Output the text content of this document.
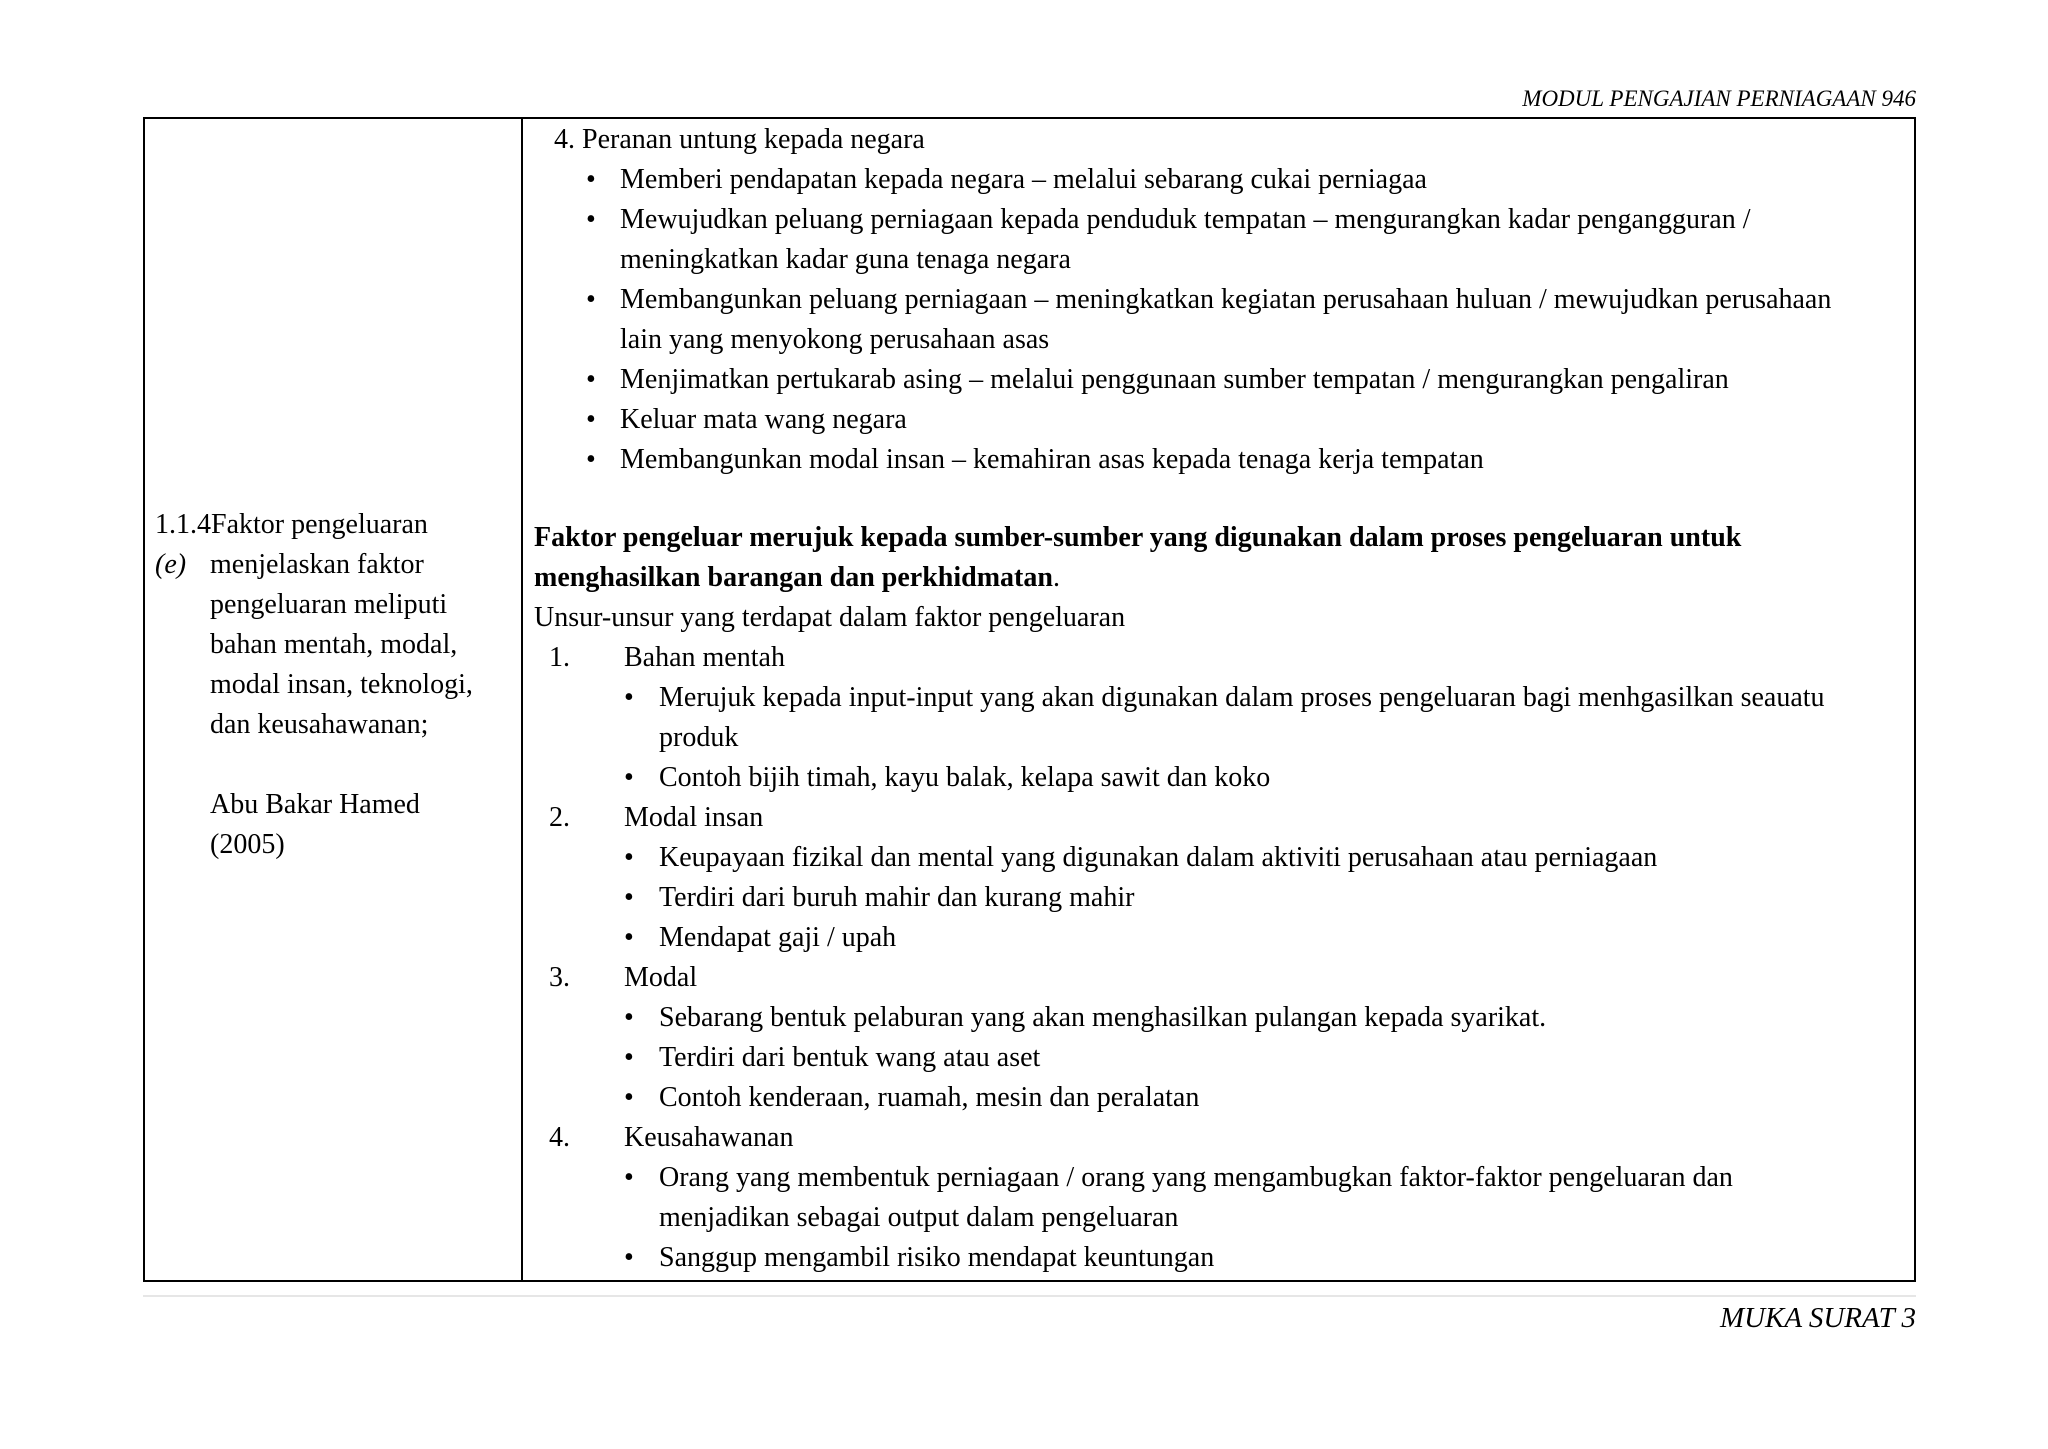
MODUL PENGAJIAN PERNIAGAAN 946
1.1.4Faktor pengeluaran
(e) menjelaskan faktor
pengeluaran meliputi
bahan mentah, modal,
modal insan, teknologi,
dan keusahawanan;
Abu Bakar Hamed
(2005)
4. Peranan untung kepada negara
• Memberi pendapatan kepada negara – melalui sebarang cukai perniagaa
• Mewujudkan peluang perniagaan kepada penduduk tempatan – mengurangkan kadar pengangguran /
meningkatkan kadar guna tenaga negara
• Membangunkan peluang perniagaan – meningkatkan kegiatan perusahaan huluan / mewujudkan perusahaan
lain yang menyokong perusahaan asas
• Menjimatkan pertukarab asing – melalui penggunaan sumber tempatan / mengurangkan pengaliran
• Keluar mata wang negara
• Membangunkan modal insan – kemahiran asas kepada tenaga kerja tempatan
Faktor pengeluar merujuk kepada sumber-sumber yang digunakan dalam proses pengeluaran untuk
menghasilkan barangan dan perkhidmatan.
Unsur-unsur yang terdapat dalam faktor pengeluaran
1.	Bahan mentah
• Merujuk kepada input-input yang akan digunakan dalam proses pengeluaran bagi menhgasilkan seauatu
produk
• Contoh bijih timah, kayu balak, kelapa sawit dan koko
2.	Modal insan
• Keupayaan fizikal dan mental yang digunakan dalam aktiviti perusahaan atau perniagaan
• Terdiri dari buruh mahir dan kurang mahir
• Mendapat gaji / upah
3.	Modal
• Sebarang bentuk pelaburan yang akan menghasilkan pulangan kepada syarikat.
• Terdiri dari bentuk wang atau aset
• Contoh kenderaan, ruamah, mesin dan peralatan
4.	Keusahawanan
• Orang yang membentuk perniagaan / orang yang mengambugkan faktor-faktor pengeluaran dan
menjadikan sebagai output dalam pengeluaran
• Sanggup mengambil risiko mendapat keuntungan
MUKA SURAT 3
